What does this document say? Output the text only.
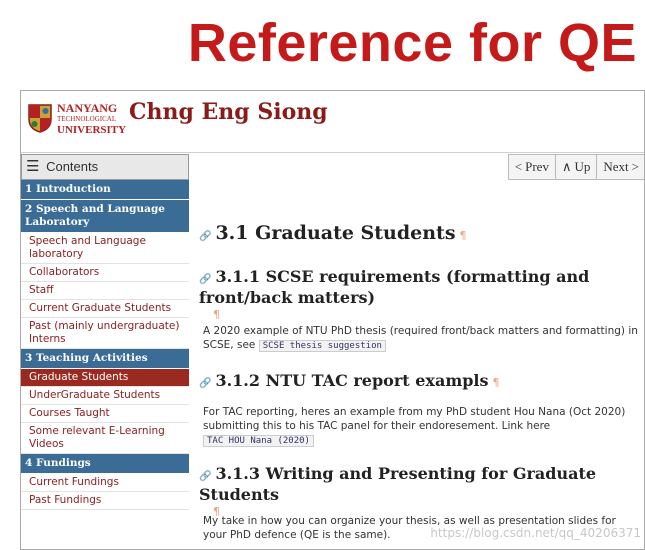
Reference for QE
NANYANG
TECHNOLOGICAL
UNIVERSITY
Chng Eng Siong
☰ Contents	< Prev	∧ Up	Next >
1 Introduction
2 Speech and Language Laboratory
Speech and Language laboratory
Collaborators
Staff
Current Graduate Students
Past (mainly undergraduate) Interns
3 Teaching Activities
Graduate Students
UnderGraduate Students
Courses Taught
Some relevant E-Learning Videos
4 Fundings
Current Fundings
Past Fundings
🔗 3.1 Graduate Students ¶
🔗 3.1.1 SCSE requirements (formatting and front/back matters)
¶
A 2020 example of NTU PhD thesis (required front/back matters and formatting) in SCSE, see SCSE thesis suggestion
🔗 3.1.2 NTU TAC report exampls ¶
For TAC reporting, heres an example from my PhD student Hou Nana (Oct 2020) submitting this to his TAC panel for their endoresement. Link here
TAC HOU Nana (2020)
🔗 3.1.3 Writing and Presenting for Graduate Students
¶
My take in how you can organize your thesis, as well as presentation slides for your PhD defence (QE is the same).	https://blog.csdn.net/qq_40206371
